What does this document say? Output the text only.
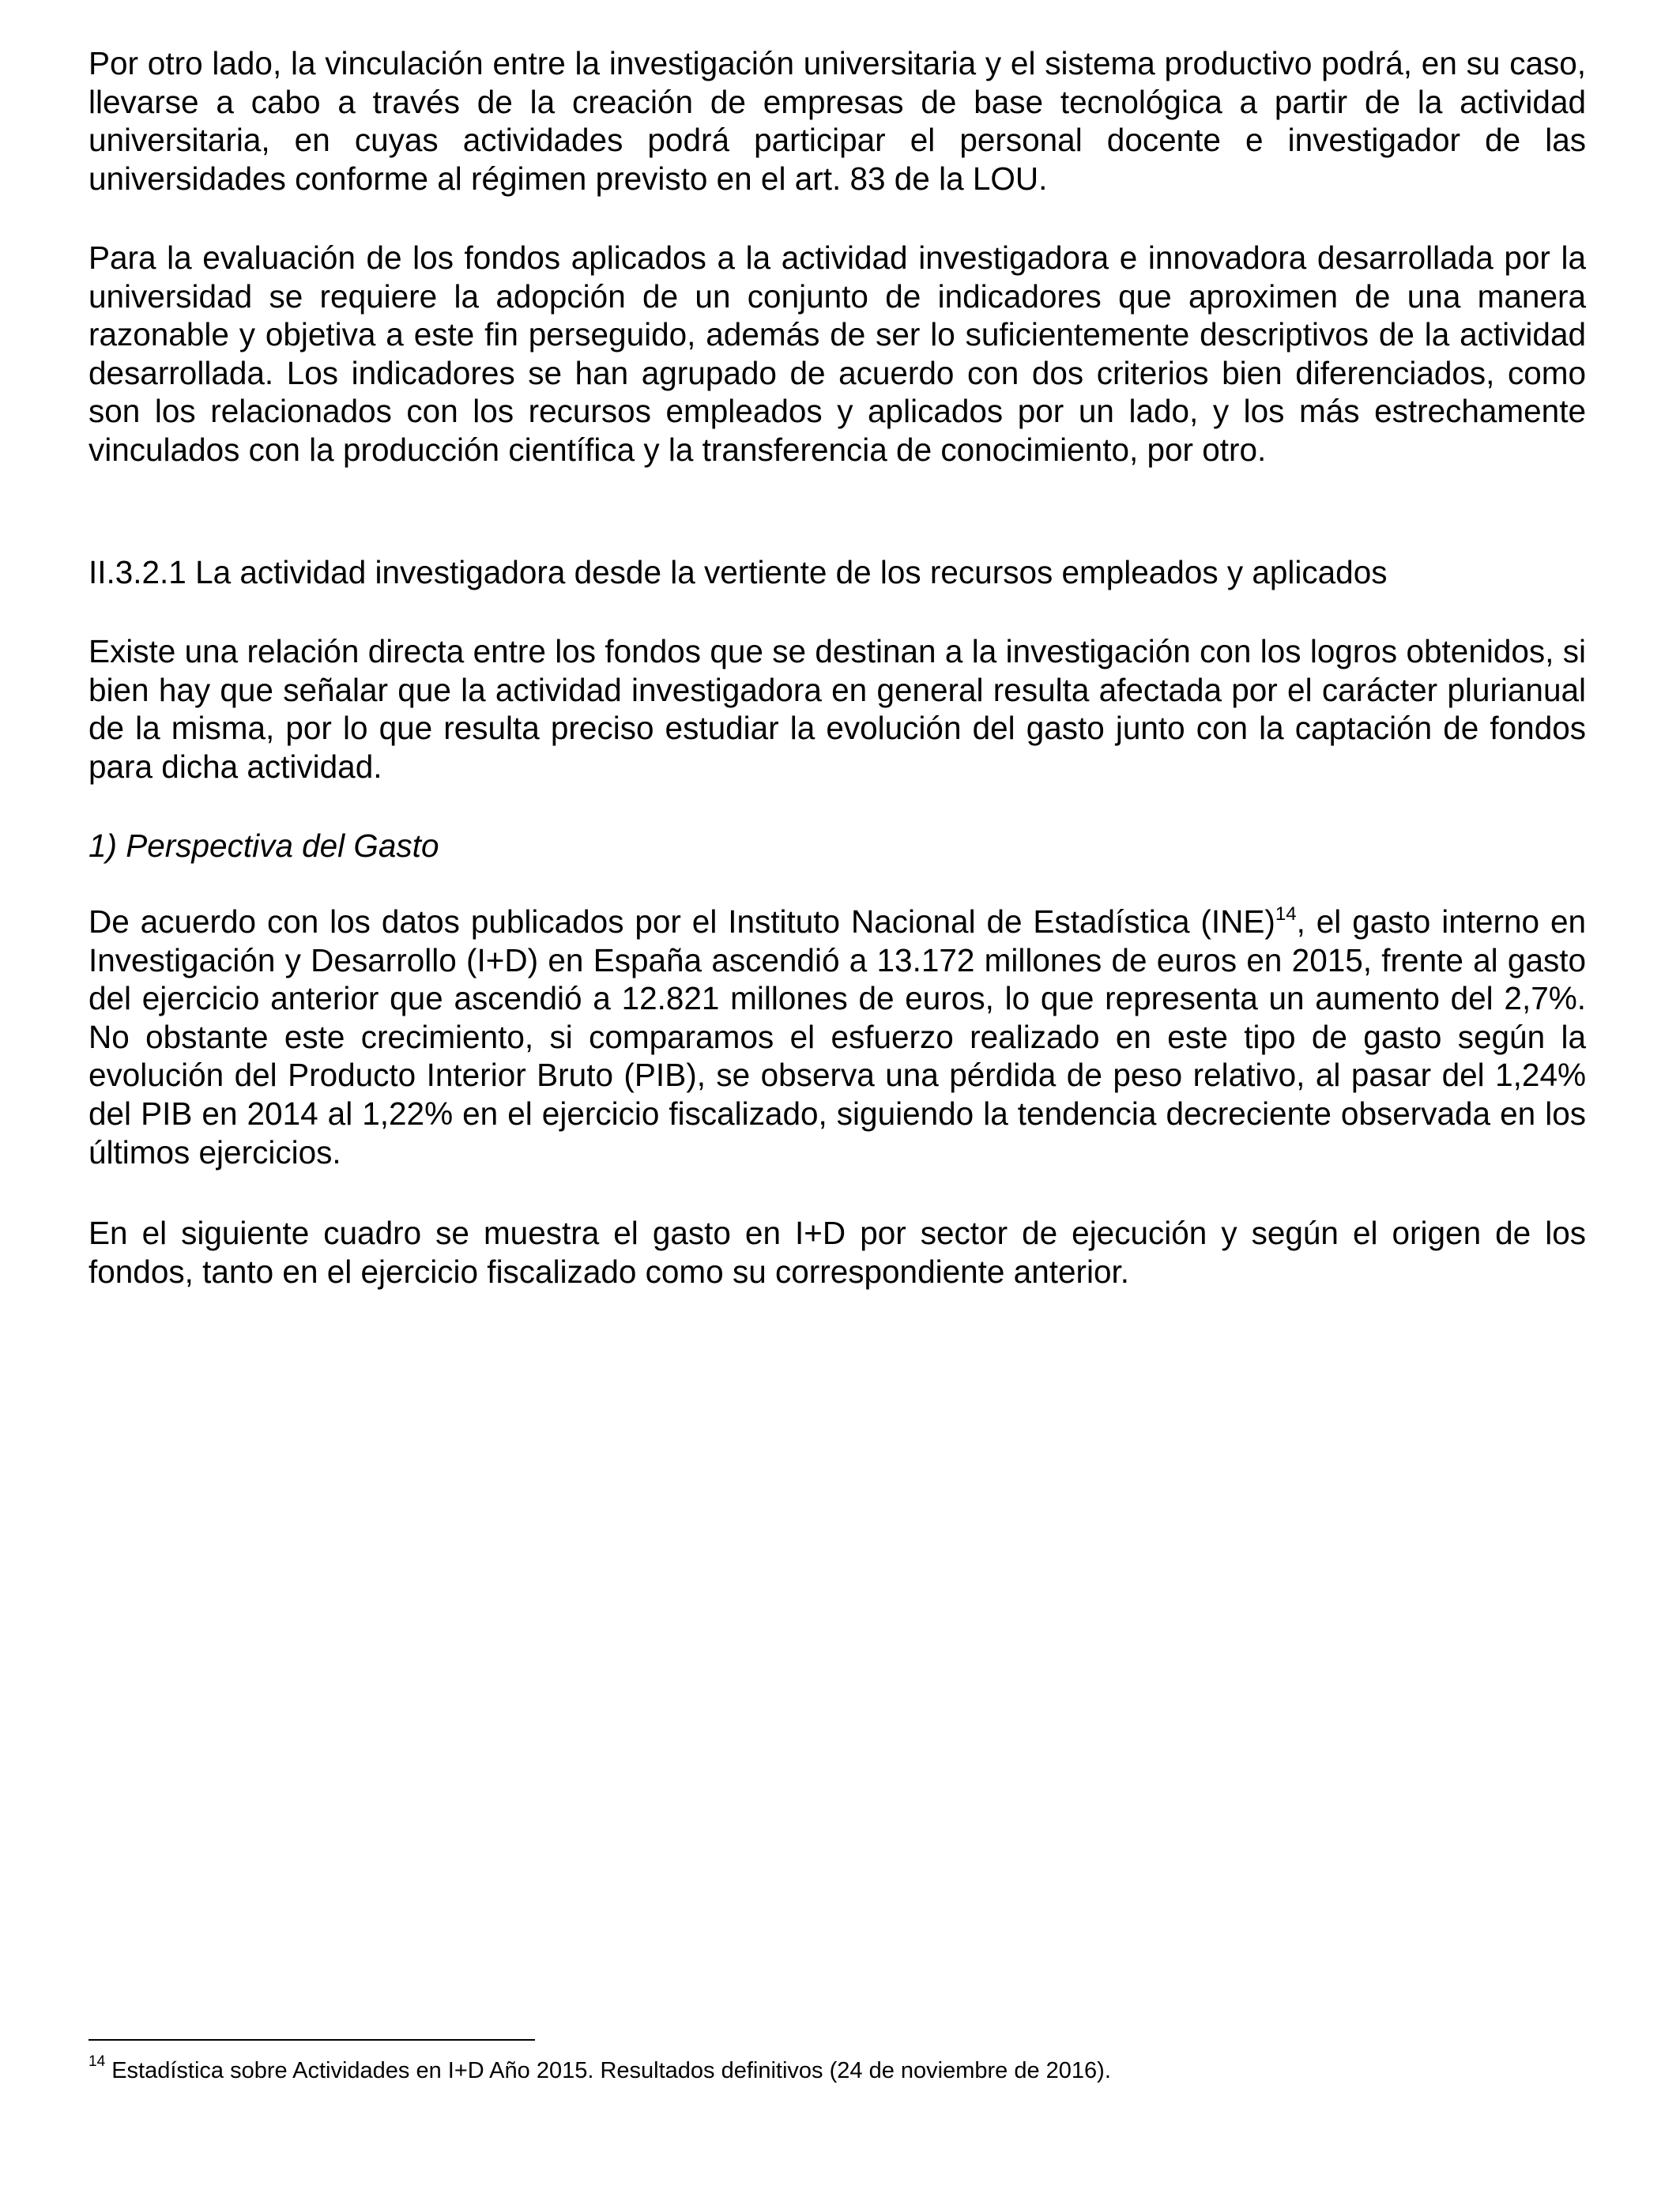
Por otro lado, la vinculación entre la investigación universitaria y el sistema productivo podrá, en su caso, llevarse a cabo a través de la creación de empresas de base tecnológica a partir de la actividad universitaria, en cuyas actividades podrá participar el personal docente e investigador de las universidades conforme al régimen previsto en el art. 83 de la LOU.

Para la evaluación de los fondos aplicados a la actividad investigadora e innovadora desarrollada por la universidad se requiere la adopción de un conjunto de indicadores que aproximen de una manera razonable y objetiva a este fin perseguido, además de ser lo suficientemente descriptivos de la actividad desarrollada. Los indicadores se han agrupado de acuerdo con dos criterios bien diferenciados, como son los relacionados con los recursos empleados y aplicados por un lado, y los más estrechamente vinculados con la producción científica y la transferencia de conocimiento, por otro.

II.3.2.1 La actividad investigadora desde la vertiente de los recursos empleados y aplicados

Existe una relación directa entre los fondos que se destinan a la investigación con los logros obtenidos, si bien hay que señalar que la actividad investigadora en general resulta afectada por el carácter plurianual de la misma, por lo que resulta preciso estudiar la evolución del gasto junto con la captación de fondos para dicha actividad.

1) Perspectiva del Gasto

De acuerdo con los datos publicados por el Instituto Nacional de Estadística (INE)$^{14}$, el gasto interno en Investigación y Desarrollo (I+D) en España ascendió a 13.172 millones de euros en 2015, frente al gasto del ejercicio anterior que ascendió a 12.821 millones de euros, lo que representa un aumento del 2,7%. No obstante este crecimiento, si comparamos el esfuerzo realizado en este tipo de gasto según la evolución del Producto Interior Bruto (PIB), se observa una pérdida de peso relativo, al pasar del 1,24% del PIB en 2014 al 1,22% en el ejercicio fiscalizado, siguiendo la tendencia decreciente observada en los últimos ejercicios.

En el siguiente cuadro se muestra el gasto en I+D por sector de ejecución y según el origen de los fondos, tanto en el ejercicio fiscalizado como su correspondiente anterior.

$^{14}$ Estadística sobre Actividades en I+D Año 2015. Resultados definitivos (24 de noviembre de 2016).
